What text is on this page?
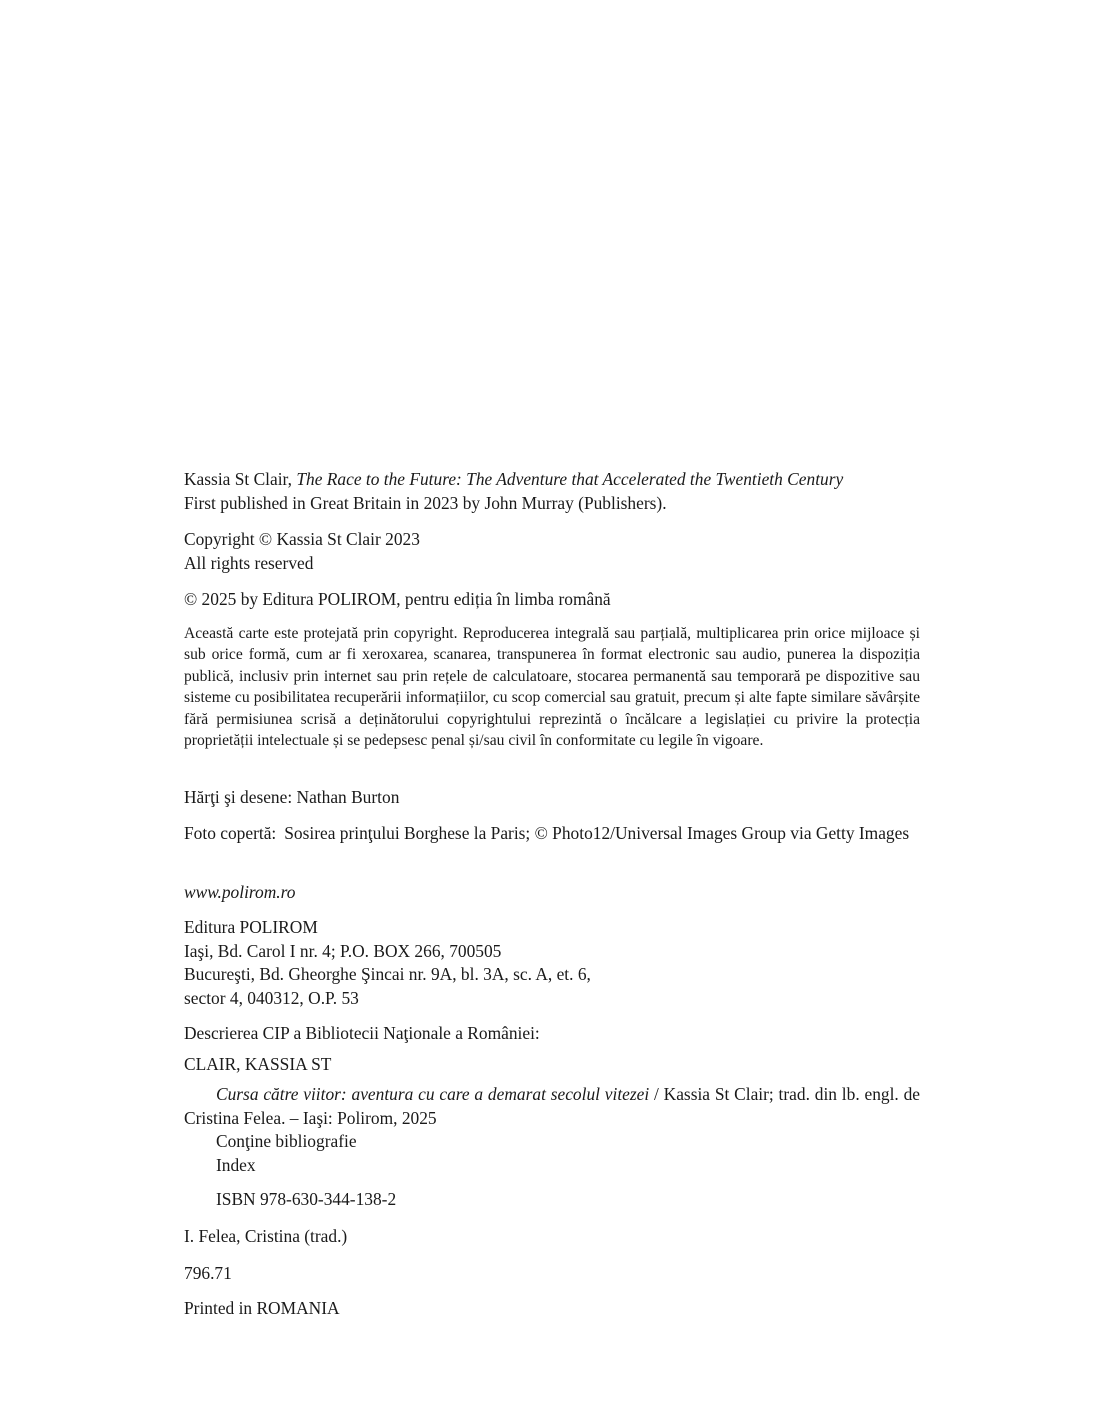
Kassia St Clair, The Race to the Future: The Adventure that Accelerated the Twentieth Century

First published in Great Britain in 2023 by John Murray (Publishers).

Copyright © Kassia St Clair 2023

All rights reserved

© 2025 by Editura POLIROM, pentru ediția în limba română

Această carte este protejată prin copyright. Reproducerea integrală sau parțială, multiplicarea prin orice mijloace și sub orice formă, cum ar fi xeroxarea, scanarea, transpunerea în format electronic sau audio, punerea la dispoziția publică, inclusiv prin internet sau prin rețele de calculatoare, stocarea permanentă sau temporară pe dispozitive sau sisteme cu posibilitatea recuperării informațiilor, cu scop comercial sau gratuit, precum și alte fapte similare săvârșite fără permisiunea scrisă a deținătorului copyrightului reprezintă o încălcare a legislației cu privire la protecția proprietății intelectuale și se pedepsesc penal și/sau civil în conformitate cu legile în vigoare.

Hărţi şi desene: Nathan Burton

Foto copertă: Sosirea prinţului Borghese la Paris; © Photo12/Universal Images Group via Getty Images

www.polirom.ro

Editura POLIROM

Iaşi, Bd. Carol I nr. 4; P.O. BOX 266, 700505

Bucureşti, Bd. Gheorghe Şincai nr. 9A, bl. 3A, sc. A, et. 6,

sector 4, 040312, O.P. 53

Descrierea CIP a Bibliotecii Naţionale a României:

CLAIR, KASSIA ST

Cursa către viitor: aventura cu care a demarat secolul vitezei / Kassia St Clair; trad. din lb. engl. de Cristina Felea. – Iaşi: Polirom, 2025

Conţine bibliografie

Index

ISBN 978-630-344-138-2

I. Felea, Cristina (trad.)

796.71

Printed in ROMANIA
